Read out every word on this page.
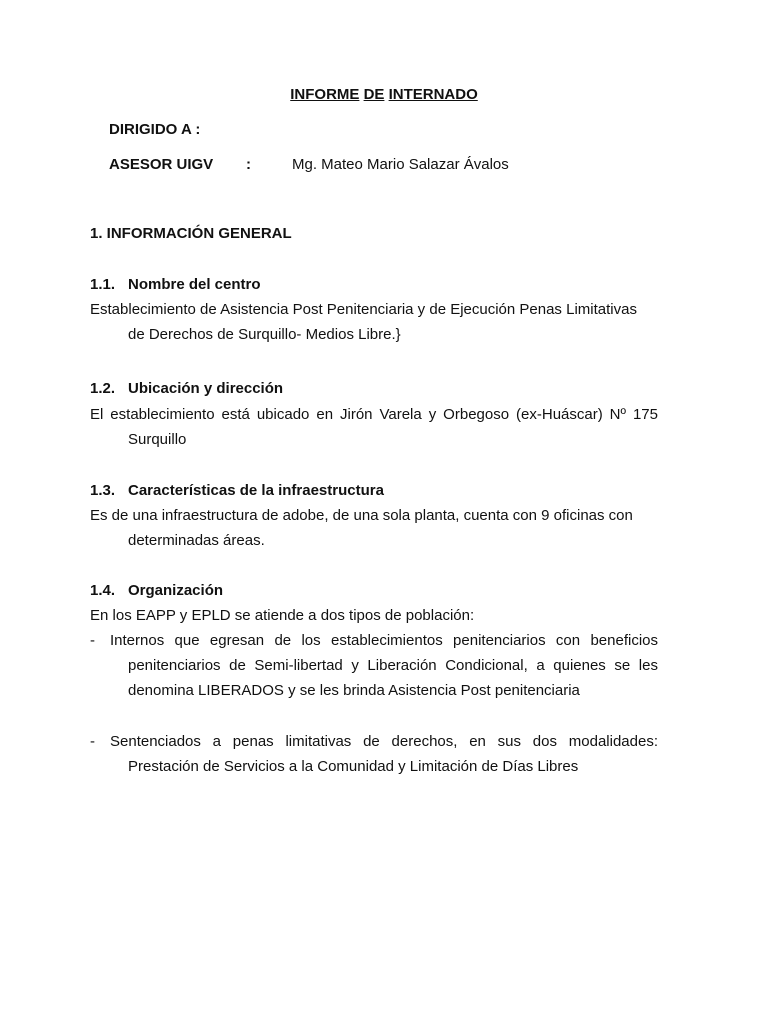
INFORME DE INTERNADO
DIRIGIDO A :
ASESOR UIGV :	Mg. Mateo Mario Salazar Ávalos
1. INFORMACIÓN GENERAL
1.1. Nombre del centro
Establecimiento de Asistencia Post Penitenciaria y de Ejecución Penas Limitativas
de Derechos de Surquillo- Medios Libre.}
1.2. Ubicación y dirección
El establecimiento está ubicado en Jirón Varela y Orbegoso (ex-Huáscar) Nº 175
Surquillo
1.3. Características de la infraestructura
Es de una infraestructura de adobe, de una sola planta, cuenta con 9 oficinas con
determinadas áreas.
1.4. Organización
En los EAPP y EPLD se atiende a dos tipos de población:
- Internos que egresan de los establecimientos penitenciarios con beneficios
penitenciarios de Semi-libertad y Liberación Condicional, a quienes se les
denomina LIBERADOS y se les brinda Asistencia Post penitenciaria
- Sentenciados a penas limitativas de derechos, en sus dos modalidades:
Prestación de Servicios a la Comunidad y Limitación de Días Libres
